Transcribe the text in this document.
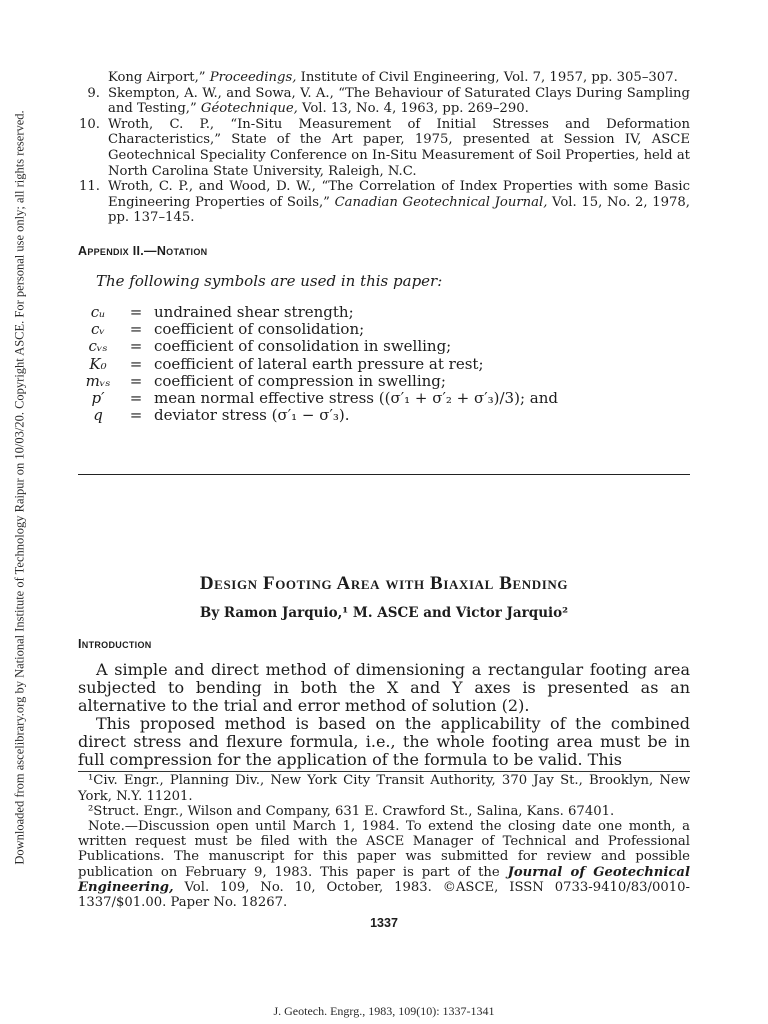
Downloaded from ascelibrary.org by National Institute of Technology Raipur on 10/03/20. Copyright ASCE. For personal use only; all rights reserved.
Kong Airport,” Proceedings, Institute of Civil Engineering, Vol. 7, 1957, pp. 305–307.
9. Skempton, A. W., and Sowa, V. A., “The Behaviour of Saturated Clays During Sampling and Testing,” Géotechnique, Vol. 13, No. 4, 1963, pp. 269–290.
10. Wroth, C. P., “In-Situ Measurement of Initial Stresses and Deformation Characteristics,” State of the Art paper, 1975, presented at Session IV, ASCE Geotechnical Speciality Conference on In-Situ Measurement of Soil Properties, held at North Carolina State University, Raleigh, N.C.
11. Wroth, C. P., and Wood, D. W., “The Correlation of Index Properties with some Basic Engineering Properties of Soils,” Canadian Geotechnical Journal, Vol. 15, No. 2, 1978, pp. 137–145.
Appendix II.—Notation
The following symbols are used in this paper:
cᵤ	= undrained shear strength;
cᵥ	= coefficient of consolidation;
cᵥₛ	= coefficient of consolidation in swelling;
K₀	= coefficient of lateral earth pressure at rest;
mᵥₛ	= coefficient of compression in swelling;
p′	= mean normal effective stress ((σ′₁ + σ′₂ + σ′₃)/3); and
q	= deviator stress (σ′₁ − σ′₃).
Design Footing Area with Biaxial Bending
By Ramon Jarquio,¹ M. ASCE and Victor Jarquio²
Introduction

A simple and direct method of dimensioning a rectangular footing area subjected to bending in both the X and Y axes is presented as an alternative to the trial and error method of solution (2).

This proposed method is based on the applicability of the combined direct stress and flexure formula, i.e., the whole footing area must be in full compression for the application of the formula to be valid. This

¹Civ. Engr., Planning Div., New York City Transit Authority, 370 Jay St., Brooklyn, New York, N.Y. 11201.

²Struct. Engr., Wilson and Company, 631 E. Crawford St., Salina, Kans. 67401.

Note.—Discussion open until March 1, 1984. To extend the closing date one month, a written request must be filed with the ASCE Manager of Technical and Professional Publications. The manuscript for this paper was submitted for review and possible publication on February 9, 1983. This paper is part of the Journal of Geotechnical Engineering, Vol. 109, No. 10, October, 1983. ©ASCE, ISSN 0733-9410/83/0010-1337/$01.00. Paper No. 18267.

1337
J. Geotech. Engrg., 1983, 109(10): 1337-1341
